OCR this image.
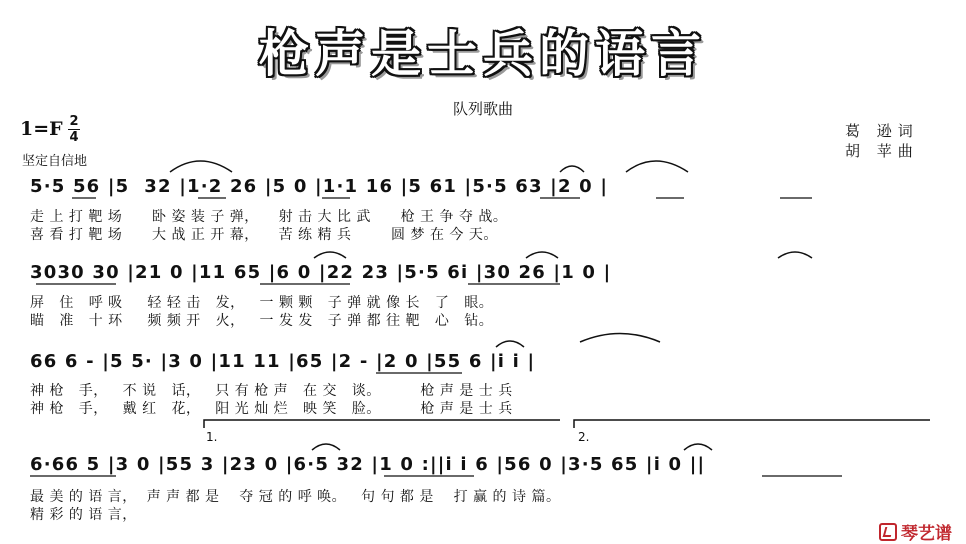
枪声是士兵的语言
队列歌曲
1=F 2
4
坚定自信地
葛 逊词
胡 苹曲
5·5 56 |5  32 |1·2 26 |5 0 |1·1 16 |5 61 |5·5 63 |2 0 |
走 上 打 靶 场      卧 姿 装 子 弹，    射 击 大 比 武      枪 王 争 夺 战。
喜 看 打 靶 场      大 战 正 开 幕，    苦 练 精 兵        圆 梦 在 今 天。
3030 30 |21 0 |11 65 |6 0 |22 23 |5·5 6i |30 26 |1 0 |
屏   住   呼 吸     轻 轻 击   发，   一 颗 颗   子 弹 就 像 长   了   眼。
瞄   准   十 环     频 频 开   火，   一 发 发   子 弹 都 往 靶   心   钻。
66 6 - |5 5· |3 0 |11 11 |65 |2 - |2 0 |55 6 |i i |
神 枪   手，   不 说   话，   只 有 枪 声   在 交   谈。        枪 声 是 士 兵
神 枪   手，   戴 红   花，   阳 光 灿 烂   映 笑   脸。        枪 声 是 士 兵
1.	2.
6·66 5 |3 0 |55 3 |23 0 |6·5 32 |1 0 :||i i 6 |56 0 |3·5 65 |i 0 ||
最 美 的 语 言，  声 声 都 是    夺 冠 的 呼 唤。   句 句 都 是    打 赢 的 诗 篇。
精 彩 的 语 言，
琴艺谱
